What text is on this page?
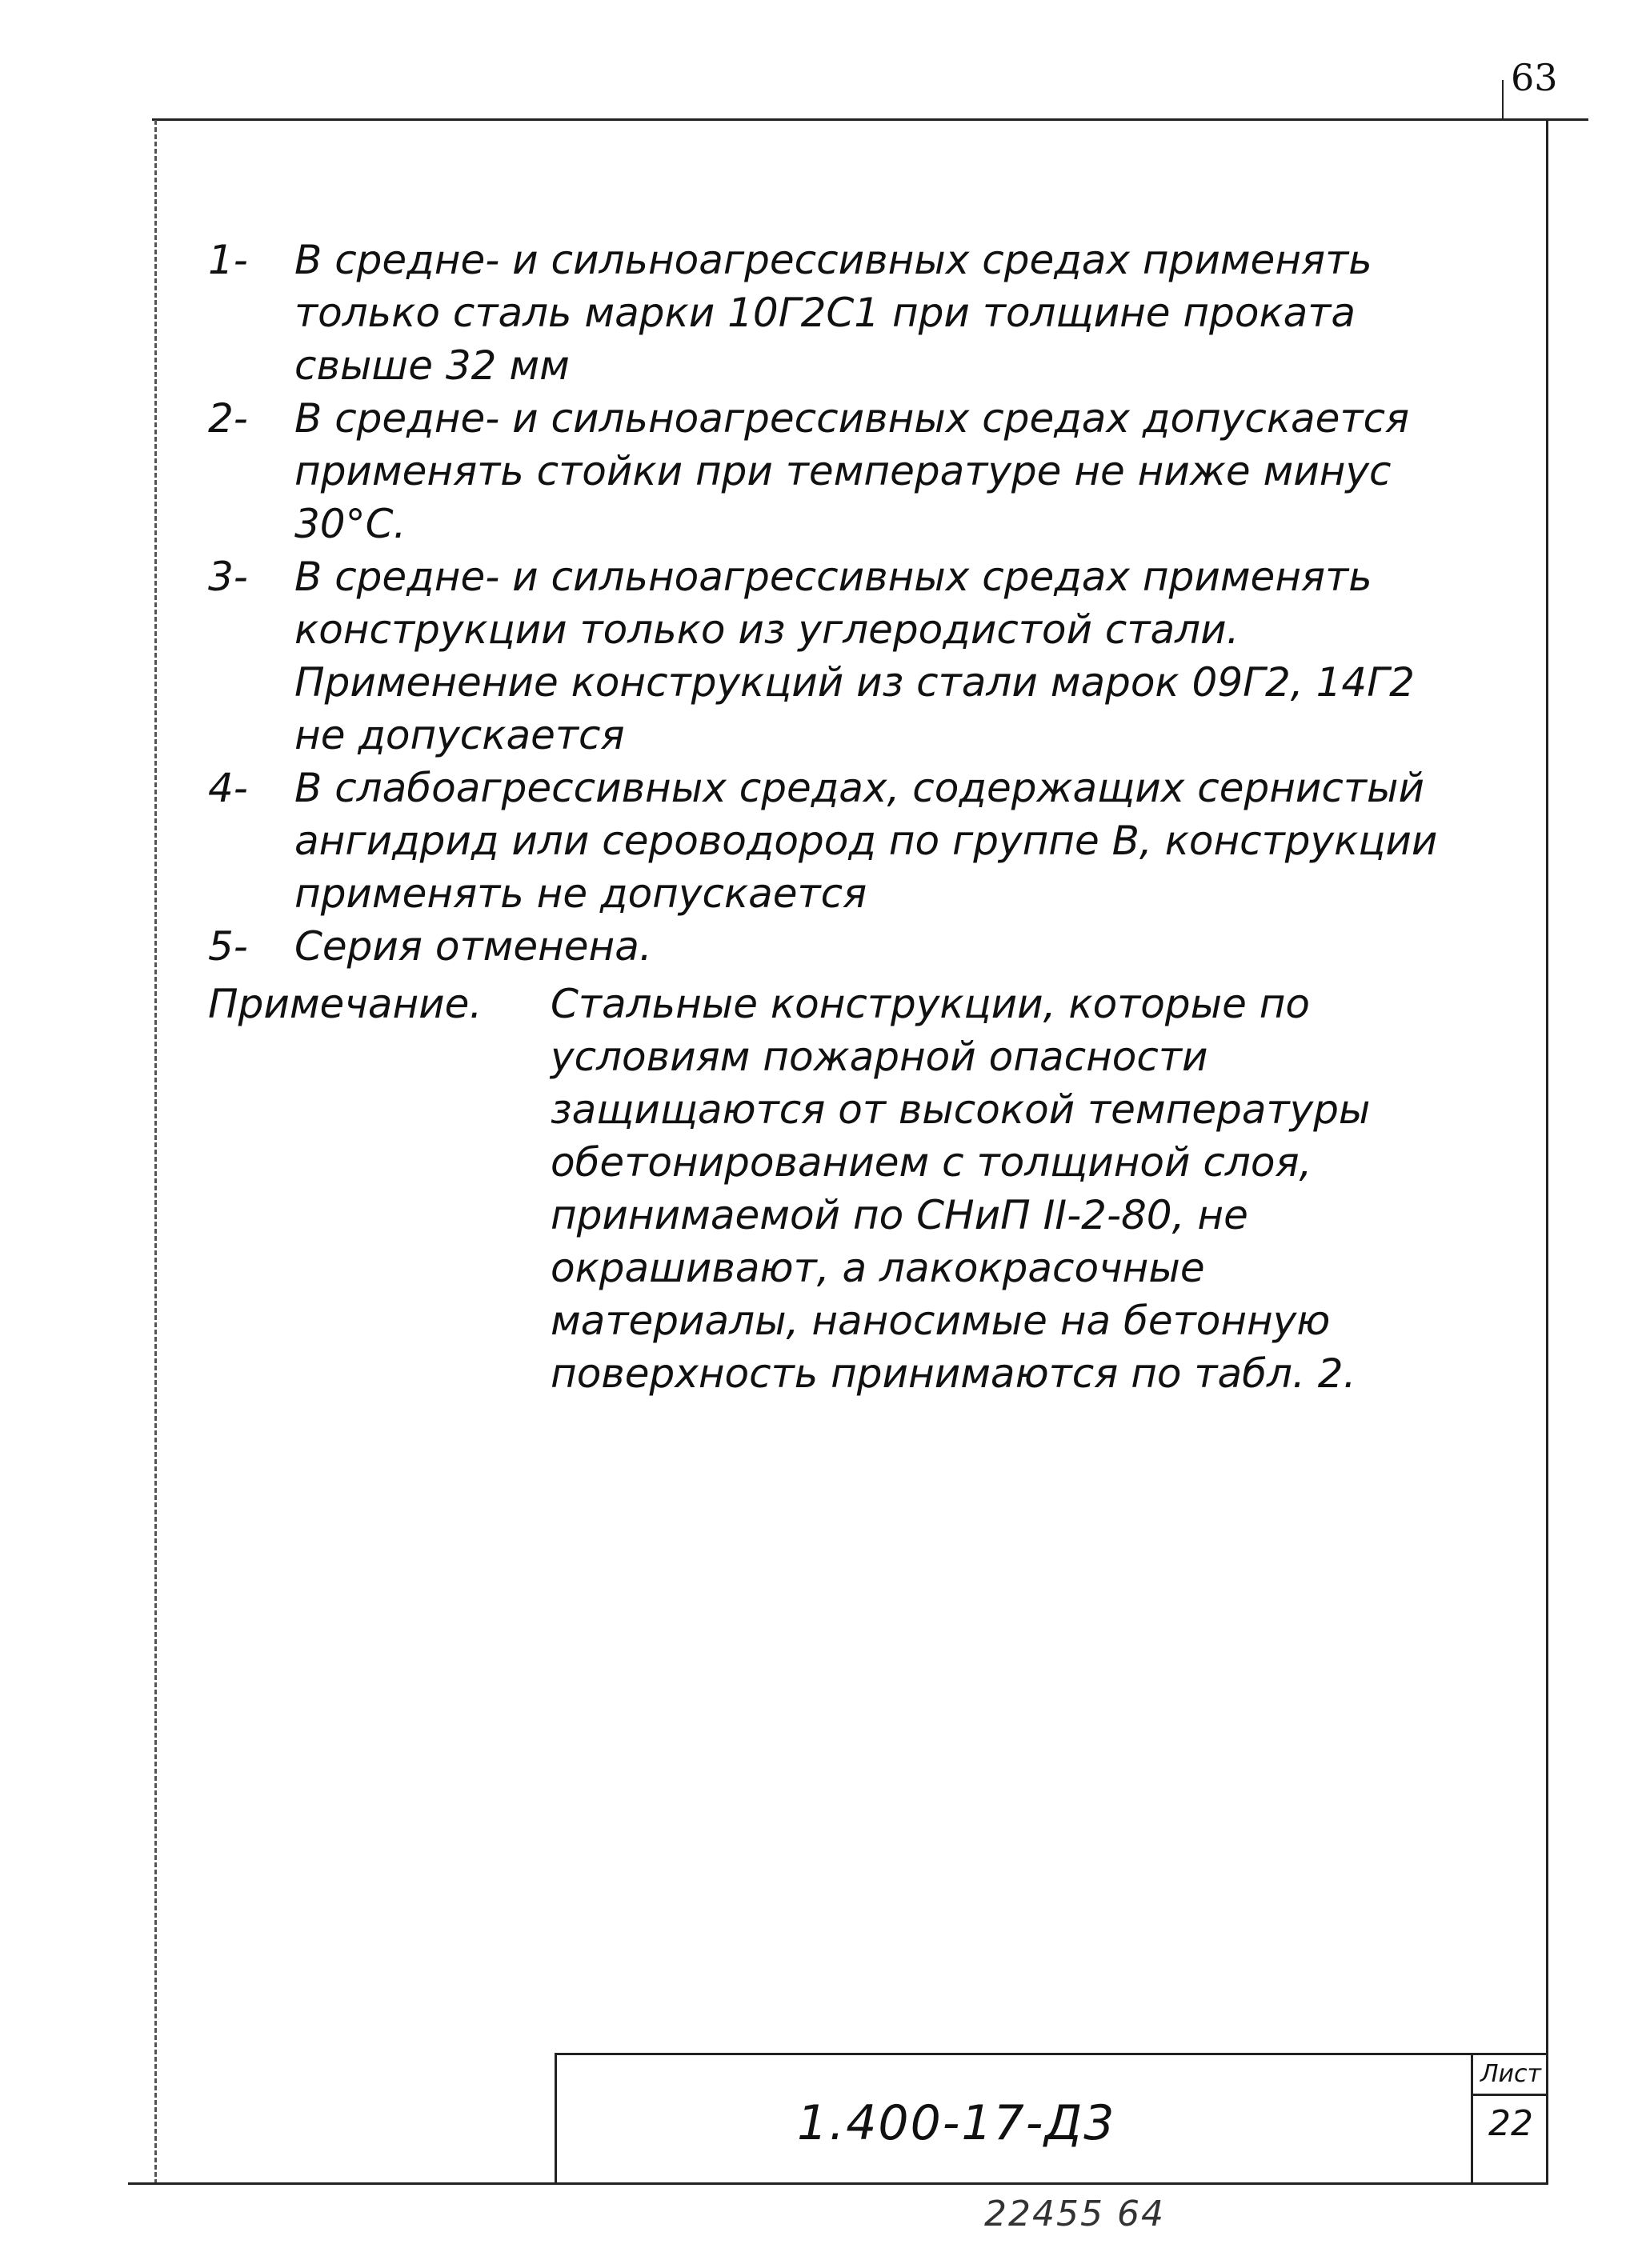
63
1-	В средне- и сильноагрессивных средах применять только сталь марки 10Г2С1 при толщине проката свыше 32 мм
2-	В средне- и сильноагрессивных средах допускается применять стойки при температуре не ниже минус 30°С.
3-	В средне- и сильноагрессивных средах применять конструкции только из углеродистой стали. Применение конструкций из стали марок 09Г2, 14Г2 не допускается
4-	В слабоагрессивных средах, содержащих сернистый ангидрид или сероводород по группе В, конструкции применять не допускается
5-	Серия отменена.
Примечание.	Стальные конструкции, которые по условиям пожарной опасности защищаются от высокой температуры обетонированием с толщиной слоя, принимаемой по СНиП II-2-80, не окрашивают, а лакокрасочные материалы, наносимые на бетонную поверхность принимаются по табл. 2.
1.400-17-Д3
Лист
22
22455 64
